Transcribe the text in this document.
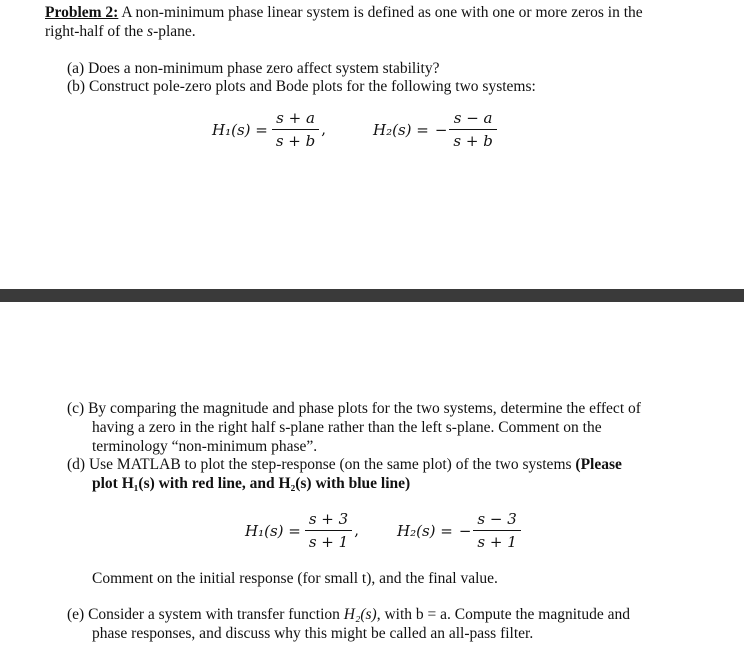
Problem 2: A non-minimum phase linear system is defined as one with one or more zeros in the
right-half of the s-plane.
(a) Does a non-minimum phase zero affect system stability?
(b) Construct pole-zero plots and Bode plots for the following two systems:
$H_1(s) = \frac{s + a}{s + b}$ ,	H₂(s) = − $\frac{s - a}{s + b}$
(c) By comparing the magnitude and phase plots for the two systems, determine the effect of
having a zero in the right half s-plane rather than the left s-plane. Comment on the
terminology “non-minimum phase”.
(d) Use MATLAB to plot the step-response (on the same plot) of the two systems (Please
plot H₁(s) with red line, and H₂(s) with blue line)
$H_1(s) = \frac{s + 3}{s + 1}$ ,	H₂(s) = − $\frac{s - 3}{s + 1}$
Comment on the initial response (for small t), and the final value.
(e) Consider a system with transfer function H₂(s), with b = a. Compute the magnitude and
phase responses, and discuss why this might be called an all-pass filter.
